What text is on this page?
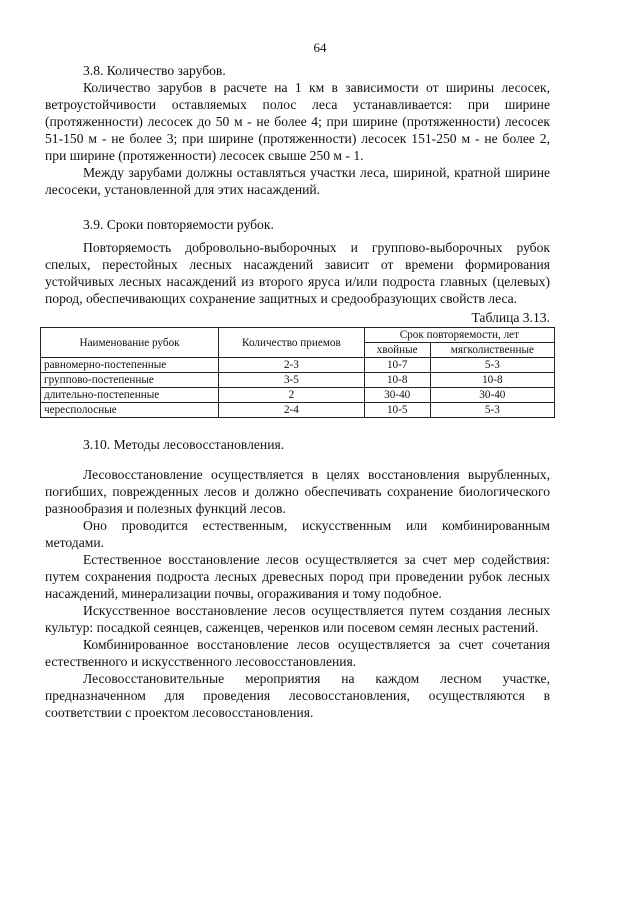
64

3.8. Количество зарубов.

Количество зарубов в расчете на 1 км в зависимости от ширины лесосек, ветроустойчивости оставляемых полос леса устанавливается: при ширине (протяженности) лесосек до 50 м - не более 4; при ширине (протяженности) лесосек 51-150 м - не более 3; при ширине (протяженности) лесосек 151-250 м - не более 2, при ширине (протяженности) лесосек свыше 250 м - 1.

Между зарубами должны оставляться участки леса, шириной, кратной ширине лесосеки, установленной для этих насаждений.

3.9. Сроки повторяемости рубок.

Повторяемость добровольно-выборочных и группово-выборочных рубок спелых, перестойных лесных насаждений зависит от времени формирования устойчивых лесных насаждений из второго яруса и/или подроста главных (целевых) пород, обеспечивающих сохранение защитных и средообразующих свойств леса.

Таблица 3.13.
Наименование рубок	Количество приемов	Срок повторяемости, лет	
		хвойные	мягколиственные
равномерно-постепенные	2-3	10-7	5-3
группово-постепенные	3-5	10-8	10-8
длительно-постепенные	2	30-40	30-40
чересполосные	2-4	10-5	5-3

3.10. Методы лесовосстановления.

Лесовосстановление осуществляется в целях восстановления вырубленных, погибших, поврежденных лесов и должно обеспечивать сохранение биологического разнообразия и полезных функций лесов.

Оно проводится естественным, искусственным или комбинированным методами.

Естественное восстановление лесов осуществляется за счет мер содействия: путем сохранения подроста лесных древесных пород при проведении рубок лесных насаждений, минерализации почвы, огораживания и тому подобное.

Искусственное восстановление лесов осуществляется путем создания лесных культур: посадкой сеянцев, саженцев, черенков или посевом семян лесных растений.

Комбинированное восстановление лесов осуществляется за счет сочетания естественного и искусственного лесовосстановления.

Лесовосстановительные мероприятия на каждом лесном участке, предназначенном для проведения лесовосстановления, осуществляются в соответствии с проектом лесовосстановления.
